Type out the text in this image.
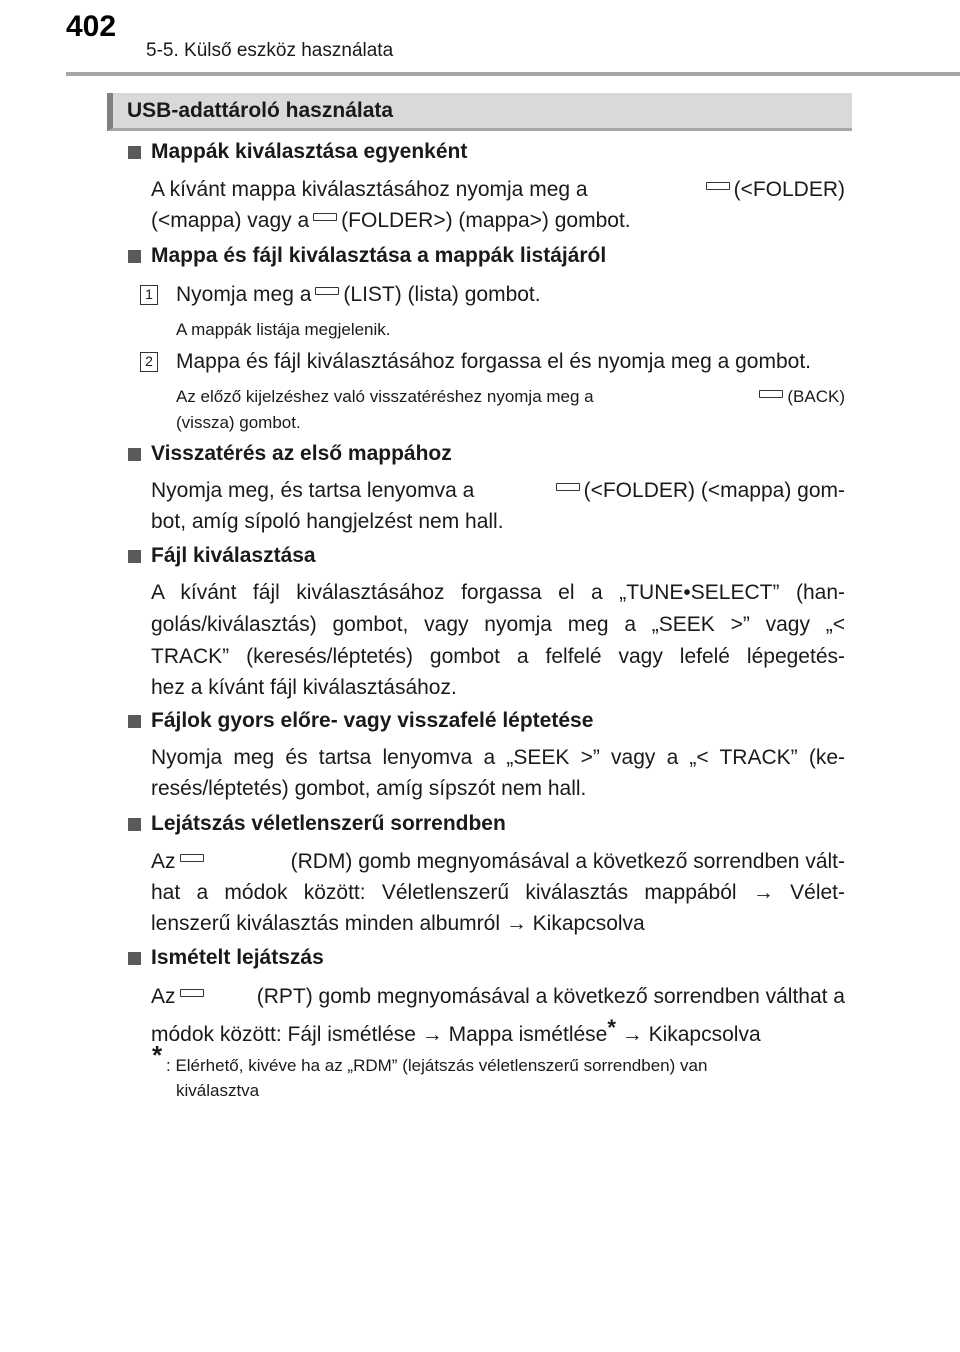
402
5-5. Külső eszköz használata
USB-adattároló használata
Mappák kiválasztása egyenként
A kívánt mappa kiválasztásához nyomja meg a	(<FOLDER)
(<mappa) vagy a (FOLDER>) (mappa>) gombot.
Mappa és fájl kiválasztása a mappák listájáról
1 Nyomja meg a (LIST) (lista) gombot.
A mappák listája megjelenik.
2 Mappa és fájl kiválasztásához forgassa el és nyomja meg a gombot.
Az előző kijelzéshez való visszatéréshez nyomja meg a	(BACK)
(vissza) gombot.
Visszatérés az első mappához
Nyomja meg, és tartsa lenyomva a	(<FOLDER) (<mappa) gom-
bot, amíg sípoló hangjelzést nem hall.
Fájl kiválasztása
A kívánt fájl kiválasztásához forgassa el a „TUNE•SELECT” (han-
golás/kiválasztás) gombot, vagy nyomja meg a „SEEK >” vagy „<
TRACK” (keresés/léptetés) gombot a felfelé vagy lefelé lépegetés-
hez a kívánt fájl kiválasztásához.
Fájlok gyors előre- vagy visszafelé léptetése
Nyomja meg és tartsa lenyomva a „SEEK >” vagy a „< TRACK” (ke-
resés/léptetés) gombot, amíg sípszót nem hall.
Lejátszás véletlenszerű sorrendben
Az	(RDM) gomb megnyomásával a következő sorrendben vált-
hat a módok között: Véletlenszerű kiválasztás mappából → Vélet-
lenszerű kiválasztás minden albumról → Kikapcsolva
Ismételt lejátszás
Az	(RPT) gomb megnyomásával a következő sorrendben válthat a
módok között: Fájl ismétlése → Mappa ismétlése* → Kikapcsolva
* : Elérhető, kivéve ha az „RDM” (lejátszás véletlenszerű sorrendben) van
kiválasztva
